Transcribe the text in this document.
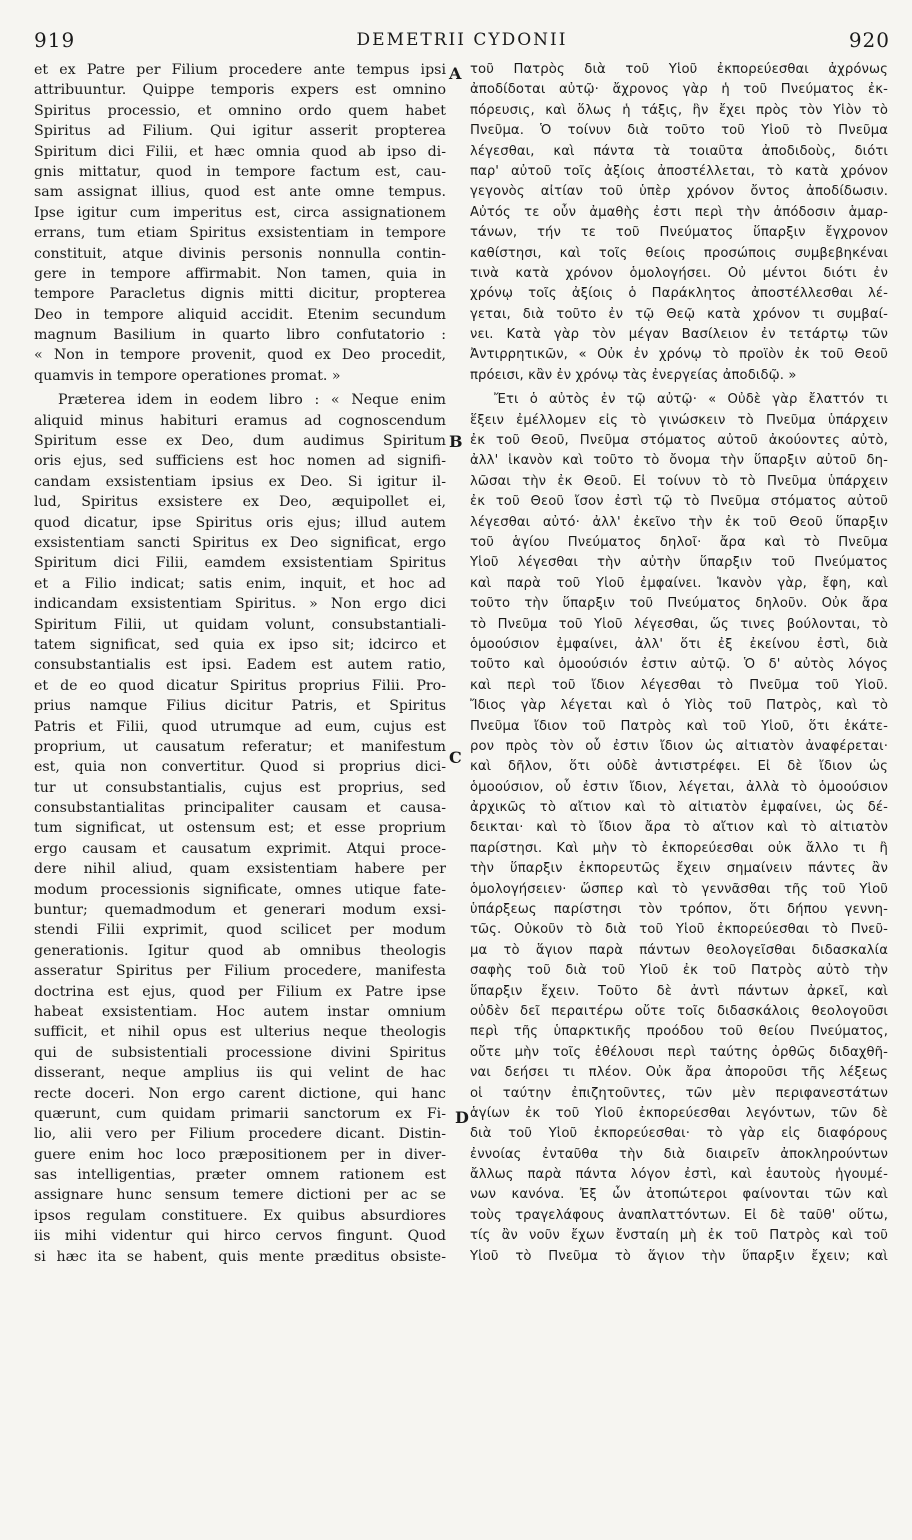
919	DEMETRII CYDONII	920
et ex Patre per Filium procedere ante tempus ipsi
attribuuntur. Quippe temporis expers est omnino
Spiritus processio, et omnino ordo quem habet
Spiritus ad Filium. Qui igitur asserit propterea
Spiritum dici Filii, et hæc omnia quod ab ipso di-
gnis mittatur, quod in tempore factum est, cau-
sam assignat illius, quod est ante omne tempus.
Ipse igitur cum imperitus est, circa assignationem
errans, tum etiam Spiritus exsistentiam in tempore
constituit, atque divinis personis nonnulla contin-
gere in tempore affirmabit. Non tamen, quia in
tempore Paracletus dignis mitti dicitur, propterea
Deo in tempore aliquid accidit. Etenim secundum
magnum Basilium in quarto libro confutatorio :
« Non in tempore provenit, quod ex Deo procedit,
quamvis in tempore operationes promat. »
Præterea idem in eodem libro : « Neque enim
aliquid minus habituri eramus ad cognoscendum
Spiritum esse ex Deo, dum audimus Spiritum
oris ejus, sed sufficiens est hoc nomen ad signifi-
candam exsistentiam ipsius ex Deo. Si igitur il-
lud, Spiritus exsistere ex Deo, æquipollet ei,
quod dicatur, ipse Spiritus oris ejus; illud autem
exsistentiam sancti Spiritus ex Deo significat, ergo
Spiritum dici Filii, eamdem exsistentiam Spiritus
et a Filio indicat; satis enim, inquit, et hoc ad
indicandam exsistentiam Spiritus. » Non ergo dici
Spiritum Filii, ut quidam volunt, consubstantiali-
tatem significat, sed quia ex ipso sit; idcirco et
consubstantialis est ipsi. Eadem est autem ratio,
et de eo quod dicatur Spiritus proprius Filii. Pro-
prius namque Filius dicitur Patris, et Spiritus
Patris et Filii, quod utrumque ad eum, cujus est
proprium, ut causatum referatur; et manifestum
est, quia non convertitur. Quod si proprius dici-
tur ut consubstantialis, cujus est proprius, sed
consubstantialitas principaliter causam et causa-
tum significat, ut ostensum est; et esse proprium
ergo causam et causatum exprimit. Atqui proce-
dere nihil aliud, quam exsistentiam habere per
modum processionis significate, omnes utique fate-
buntur; quemadmodum et generari modum exsi-
stendi Filii exprimit, quod scilicet per modum
generationis. Igitur quod ab omnibus theologis
asseratur Spiritus per Filium procedere, manifesta
doctrina est ejus, quod per Filium ex Patre ipse
habeat exsistentiam. Hoc autem instar omnium
sufficit, et nihil opus est ulterius neque theologis
qui de subsistentiali processione divini Spiritus
disserant, neque amplius iis qui velint de hac
recte doceri. Non ergo carent dictione, qui hanc
quærunt, cum quidam primarii sanctorum ex Fi-
lio, alii vero per Filium procedere dicant. Distin-
guere enim hoc loco præpositionem per in diver-
sas intelligentias, præter omnem rationem est
assignare hunc sensum temere dictioni per ac se
ipsos regulam constituere. Ex quibus absurdiores
iis mihi videntur qui hirco cervos fingunt. Quod
si hæc ita se habent, quis mente præditus obsiste-
τοῦ Πατρὸς διὰ τοῦ Υἱοῦ ἐκπορεύεσθαι ἀχρόνως
ἀποδίδοται αὐτῷ· ἄχρονος γὰρ ἡ τοῦ Πνεύματος ἐκ-
πόρευσις, καὶ ὅλως ἡ τάξις, ἣν ἔχει πρὸς τὸν Υἱὸν τὸ
Πνεῦμα. Ὁ τοίνυν διὰ τοῦτο τοῦ Υἱοῦ τὸ Πνεῦμα
λέγεσθαι, καὶ πάντα τὰ τοιαῦτα ἀποδιδοὺς, διότι
παρ' αὐτοῦ τοῖς ἀξίοις ἀποστέλλεται, τὸ κατὰ χρόνον
γεγονὸς αἰτίαν τοῦ ὑπὲρ χρόνον ὄντος ἀποδίδωσιν.
Αὐτός τε οὖν ἀμαθὴς ἐστι περὶ τὴν ἀπόδοσιν ἁμαρ-
τάνων, τήν τε τοῦ Πνεύματος ὕπαρξιν ἔγχρονον
καθίστησι, καὶ τοῖς θείοις προσώποις συμβεβηκέναι
τινὰ κατὰ χρόνον ὁμολογήσει. Οὐ μέντοι διότι ἐν
χρόνῳ τοῖς ἀξίοις ὁ Παράκλητος ἀποστέλλεσθαι λέ-
γεται, διὰ τοῦτο ἐν τῷ Θεῷ κατὰ χρόνον τι συμβαί-
νει. Κατὰ γὰρ τὸν μέγαν Βασίλειον ἐν τετάρτῳ τῶν
Ἀντιρρητικῶν, « Οὐκ ἐν χρόνῳ τὸ προϊὸν ἐκ τοῦ Θεοῦ
πρόεισι, κἂν ἐν χρόνῳ τὰς ἐνεργείας ἀποδιδῷ. »
Ἔτι ὁ αὐτὸς ἐν τῷ αὐτῷ· « Οὐδὲ γὰρ ἔλαττόν τι
ἕξειν ἐμέλλομεν εἰς τὸ γινώσκειν τὸ Πνεῦμα ὑπάρχειν
ἐκ τοῦ Θεοῦ, Πνεῦμα στόματος αὐτοῦ ἀκούοντες αὐτὸ,
ἀλλ' ἱκανὸν καὶ τοῦτο τὸ ὄνομα τὴν ὕπαρξιν αὐτοῦ δη-
λῶσαι τὴν ἐκ Θεοῦ. Εἰ τοίνυν τὸ τὸ Πνεῦμα ὑπάρχειν
ἐκ τοῦ Θεοῦ ἴσον ἐστὶ τῷ τὸ Πνεῦμα στόματος αὐτοῦ
λέγεσθαι αὐτό· ἀλλ' ἐκεῖνο τὴν ἐκ τοῦ Θεοῦ ὕπαρξιν
τοῦ ἁγίου Πνεύματος δηλοῖ· ἄρα καὶ τὸ Πνεῦμα
Υἱοῦ λέγεσθαι τὴν αὐτὴν ὕπαρξιν τοῦ Πνεύματος
καὶ παρὰ τοῦ Υἱοῦ ἐμφαίνει. Ἱκανὸν γὰρ, ἔφη, καὶ
τοῦτο τὴν ὕπαρξιν τοῦ Πνεύματος δηλοῦν. Οὐκ ἄρα
τὸ Πνεῦμα τοῦ Υἱοῦ λέγεσθαι, ὥς τινες βούλονται, τὸ
ὁμοούσιον ἐμφαίνει, ἀλλ' ὅτι ἐξ ἐκείνου ἐστὶ, διὰ
τοῦτο καὶ ὁμοούσιόν ἐστιν αὐτῷ. Ὁ δ' αὐτὸς λόγος
καὶ περὶ τοῦ ἴδιον λέγεσθαι τὸ Πνεῦμα τοῦ Υἱοῦ.
Ἴδιος γὰρ λέγεται καὶ ὁ Υἱὸς τοῦ Πατρὸς, καὶ τὸ
Πνεῦμα ἴδιον τοῦ Πατρὸς καὶ τοῦ Υἱοῦ, ὅτι ἑκάτε-
ρον πρὸς τὸν οὗ ἐστιν ἴδιον ὡς αἰτιατὸν ἀναφέρεται·
καὶ δῆλον, ὅτι οὐδὲ ἀντιστρέφει. Εἰ δὲ ἴδιον ὡς
ὁμοούσιον, οὗ ἐστιν ἴδιον, λέγεται, ἀλλὰ τὸ ὁμοούσιον
ἀρχικῶς τὸ αἴτιον καὶ τὸ αἰτιατὸν ἐμφαίνει, ὡς δέ-
δεικται· καὶ τὸ ἴδιον ἄρα τὸ αἴτιον καὶ τὸ αἰτιατὸν
παρίστησι. Καὶ μὴν τὸ ἐκπορεύεσθαι οὐκ ἄλλο τι ἢ
τὴν ὕπαρξιν ἐκπορευτῶς ἔχειν σημαίνειν πάντες ἂν
ὁμολογήσειεν· ὥσπερ καὶ τὸ γεννᾶσθαι τῆς τοῦ Υἱοῦ
ὑπάρξεως παρίστησι τὸν τρόπον, ὅτι δήπου γεννη-
τῶς. Οὐκοῦν τὸ διὰ τοῦ Υἱοῦ ἐκπορεύεσθαι τὸ Πνεῦ-
μα τὸ ἅγιον παρὰ πάντων θεολογεῖσθαι διδασκαλία
σαφὴς τοῦ διὰ τοῦ Υἱοῦ ἐκ τοῦ Πατρὸς αὐτὸ τὴν
ὕπαρξιν ἔχειν. Τοῦτο δὲ ἀντὶ πάντων ἀρκεῖ, καὶ
οὐδὲν δεῖ περαιτέρω οὔτε τοῖς διδασκάλοις θεολογοῦσι
περὶ τῆς ὑπαρκτικῆς προόδου τοῦ θείου Πνεύματος,
οὔτε μὴν τοῖς ἐθέλουσι περὶ ταύτης ὀρθῶς διδαχθῆ-
ναι δεήσει τι πλέον. Οὐκ ἄρα ἀποροῦσι τῆς λέξεως
οἱ ταύτην ἐπιζητοῦντες, τῶν μὲν περιφανεστάτων
ἁγίων ἐκ τοῦ Υἱοῦ ἐκπορεύεσθαι λεγόντων, τῶν δὲ
διὰ τοῦ Υἱοῦ ἐκπορεύεσθαι· τὸ γὰρ εἰς διαφόρους
ἐννοίας ἐνταῦθα τὴν διὰ διαιρεῖν ἀποκληρούντων
ἄλλως παρὰ πάντα λόγον ἐστὶ, καὶ ἑαυτοὺς ἡγουμέ-
νων κανόνα. Ἐξ ὧν ἀτοπώτεροι φαίνονται τῶν καὶ
τοὺς τραγελάφους ἀναπλαττόντων. Εἰ δὲ ταῦθ' οὕτω,
τίς ἂν νοῦν ἔχων ἔνσταίη μὴ ἐκ τοῦ Πατρὸς καὶ τοῦ
Υἱοῦ τὸ Πνεῦμα τὸ ἅγιον τὴν ὕπαρξιν ἔχειν; καὶ
A
B
C
D
